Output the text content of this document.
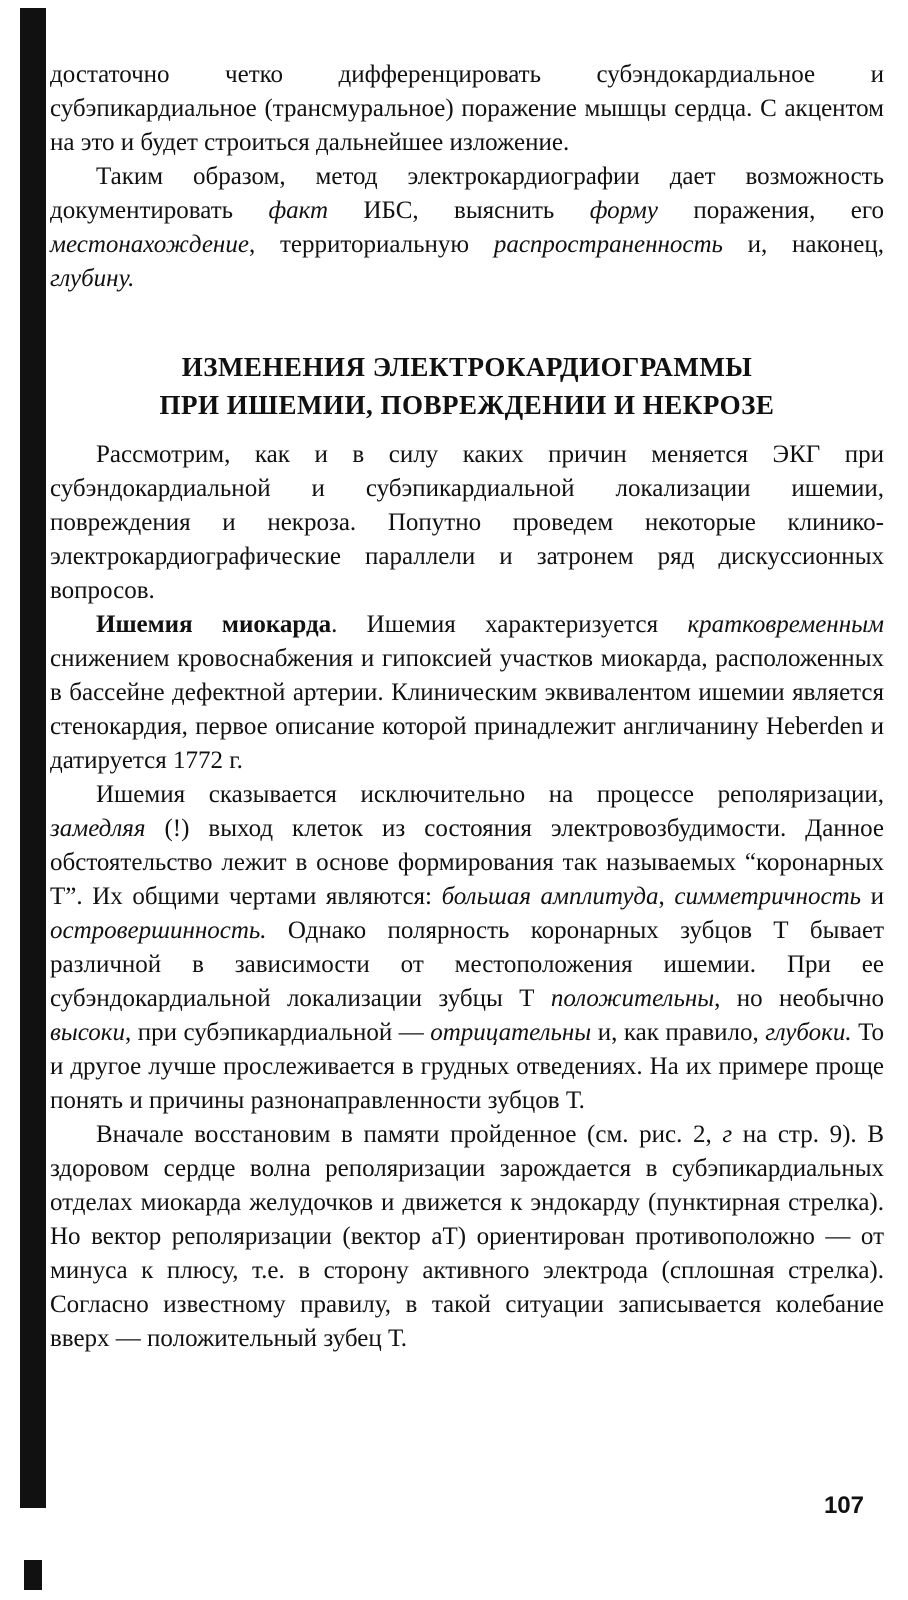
достаточно четко дифференцировать субэндокардиальное и субэпикардиальное (трансмуральное) поражение мышцы сердца. С акцентом на это и будет строиться дальнейшее изложение.

Таким образом, метод электрокардиографии дает возможность документировать факт ИБС, выяснить форму поражения, его местонахождение, территориальную распространенность и, наконец, глубину.

ИЗМЕНЕНИЯ ЭЛЕКТРОКАРДИОГРАММЫ
ПРИ ИШЕМИИ, ПОВРЕЖДЕНИИ И НЕКРОЗЕ

Рассмотрим, как и в силу каких причин меняется ЭКГ при субэндокардиальной и субэпикардиальной локализации ишемии, повреждения и некроза. Попутно проведем некоторые клинико-электрокардиографические параллели и затронем ряд дискуссионных вопросов.

Ишемия миокарда. Ишемия характеризуется кратковременным снижением кровоснабжения и гипоксией участков миокарда, расположенных в бассейне дефектной артерии. Клиническим эквивалентом ишемии является стенокардия, первое описание которой принадлежит англичанину Heberden и датируется 1772 г.

Ишемия сказывается исключительно на процессе реполяризации, замедляя (!) выход клеток из состояния электровозбудимости. Данное обстоятельство лежит в основе формирования так называемых “коронарных Т”. Их общими чертами являются: большая амплитуда, симметричность и островершинность. Однако полярность коронарных зубцов Т бывает различной в зависимости от местоположения ишемии. При ее субэндокардиальной локализации зубцы Т положительны, но необычно высоки, при субэпикардиальной — отрицательны и, как правило, глубоки. То и другое лучше прослеживается в грудных отведениях. На их примере проще понять и причины разнонаправленности зубцов Т.

Вначале восстановим в памяти пройденное (см. рис. 2, г на стр. 9). В здоровом сердце волна реполяризации зарождается в субэпикардиальных отделах миокарда желудочков и движется к эндокарду (пунктирная стрелка). Но вектор реполяризации (вектор аТ) ориентирован противоположно — от минуса к плюсу, т.е. в сторону активного электрода (сплошная стрелка). Согласно известному правилу, в такой ситуации записывается колебание вверх — положительный зубец Т.

107
